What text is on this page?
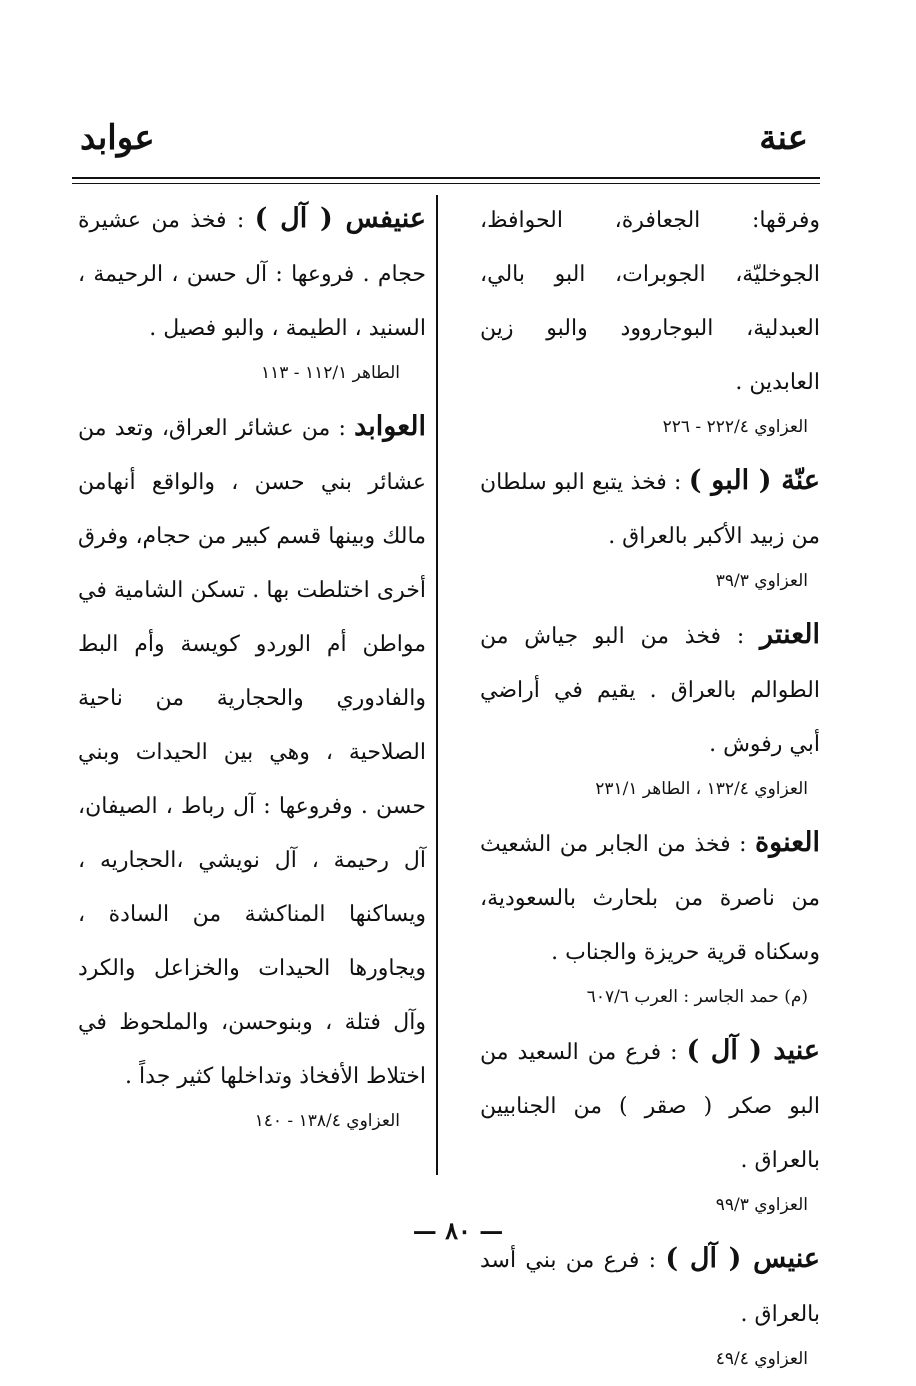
عنة
عوابد
وفرقها: الجعافرة، الحوافظ، الجوخليّة، الجوبرات، البو بالي، العبدلية، البوجاروود والبو زين العابدين .
العزاوي ٢٢٢/٤ - ٢٢٦
عنّة ( البو ) : فخذ يتبع البو سلطان من زبيد الأكبر بالعراق .
العزاوي ٣٩/٣
العنتر : فخذ من البو جياش من الطوالم بالعراق . يقيم في أراضي أبي رفوش .
العزاوي ١٣٢/٤ ، الطاهر ٢٣١/١
العنوة : فخذ من الجابر من الشعيث من ناصرة من بلحارث بالسعودية، وسكناه قرية حريزة والجناب .
(م) حمد الجاسر : العرب ٦٠٧/٦
عنيد ( آل ) : فرع من السعيد من البو صكر ( صقر ) من الجنابيين بالعراق .
العزاوي ٩٩/٣
عنيس ( آل ) : فرع من بني أسد بالعراق .
العزاوي ٤٩/٤
عنيفس ( آل ) : فخذ من عشيرة حجام . فروعها : آل حسن ، الرحيمة ، السنيد ، الطيمة ، والبو فصيل .
الطاهر ١١٢/١ - ١١٣
العوابد : من عشائر العراق، وتعد من عشائر بني حسن ، والواقع أنهامن مالك وبينها قسم كبير من حجام، وفرق أخرى اختلطت بها . تسكن الشامية في مواطن أم الوردو كويسة وأم البط والفادوري والحجارية من ناحية الصلاحية ، وهي بين الحيدات وبني حسن . وفروعها : آل رباط ، الصيفان، آل رحيمة ، آل نويشي ،الحجاريه ، ويساكنها المناكشة من السادة ، ويجاورها الحيدات والخزاعل والكرد وآل فتلة ، وبنوحسن، والملحوظ في اختلاط الأفخاذ وتداخلها كثير جداً .
العزاوي ١٣٨/٤ - ١٤٠
— ٨٠ —
